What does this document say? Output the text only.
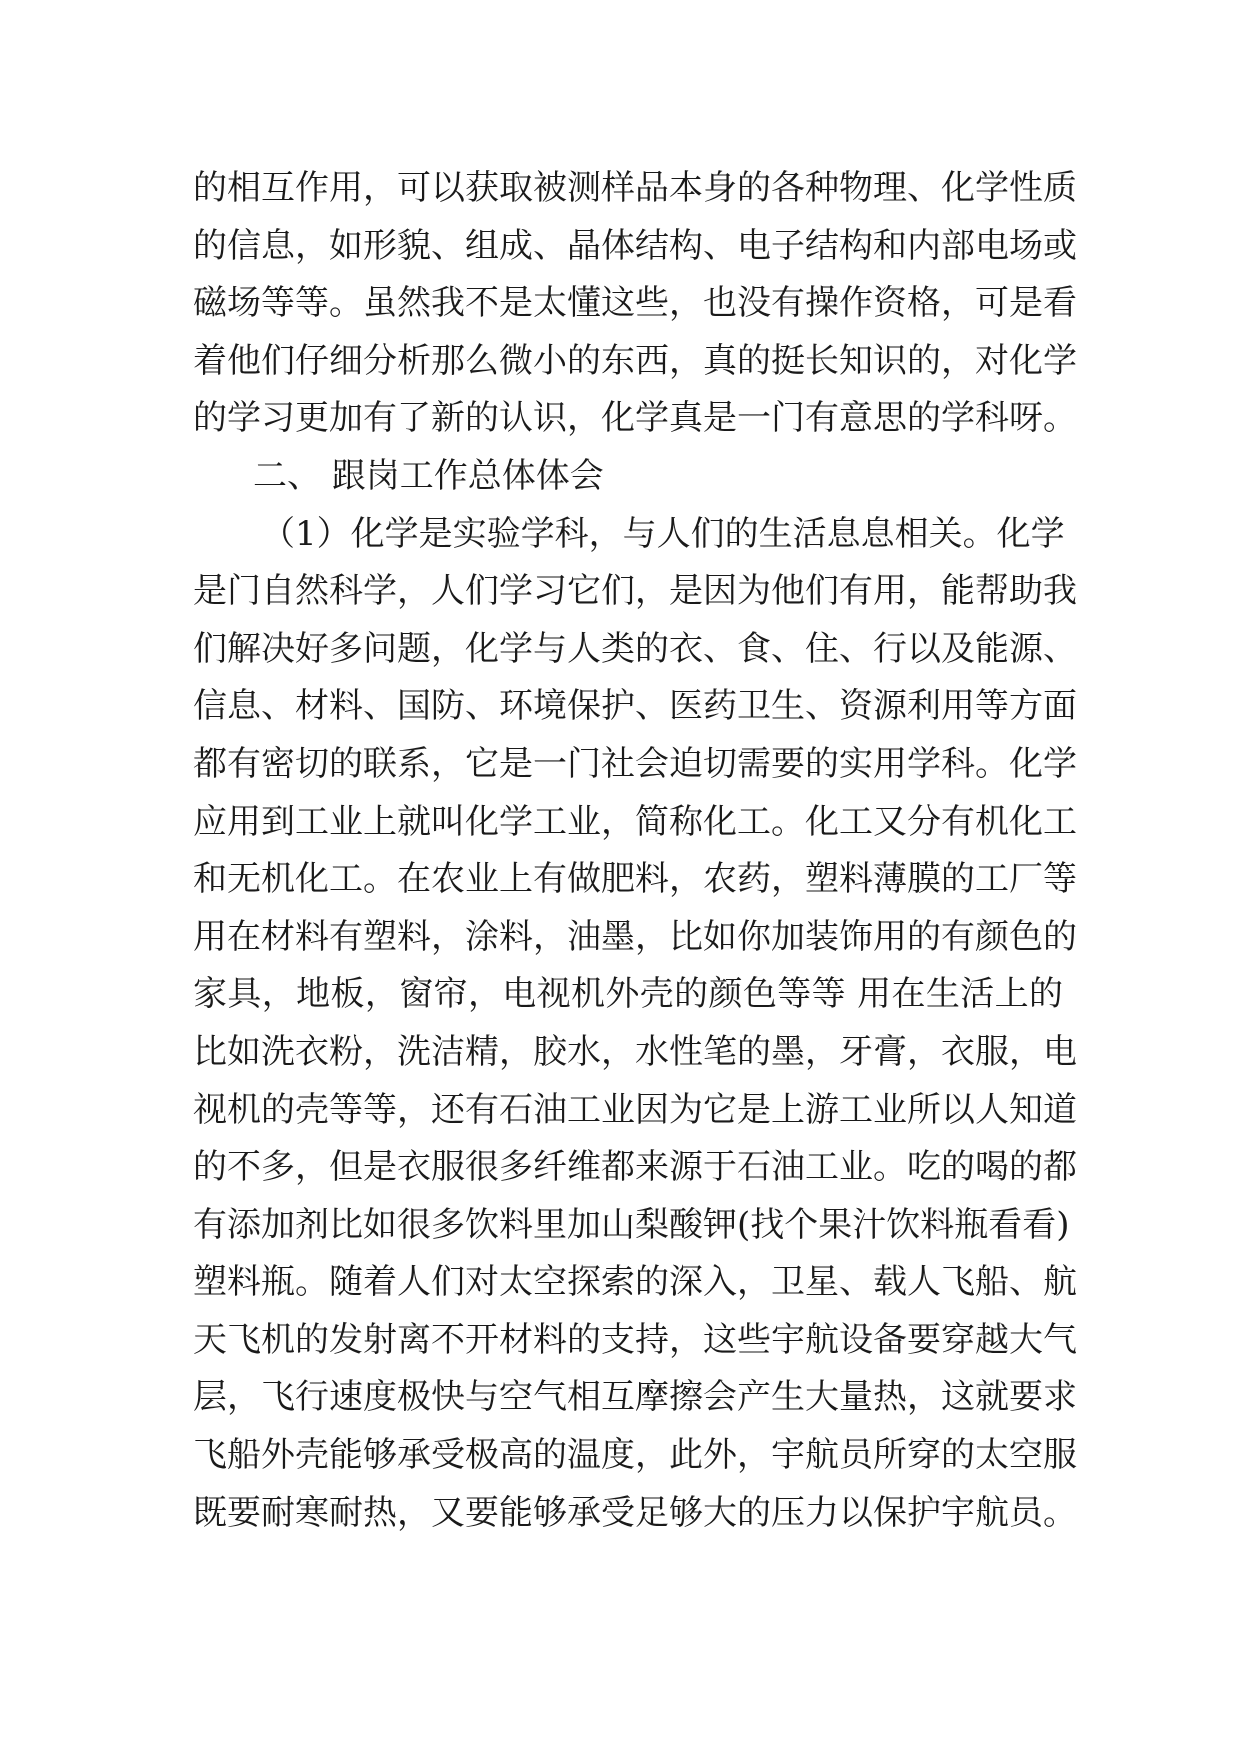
的相互作用，可以获取被测样品本身的各种物理、化学性质
的信息，如形貌、组成、晶体结构、电子结构和内部电场或
磁场等等。虽然我不是太懂这些，也没有操作资格，可是看
着他们仔细分析那么微小的东西，真的挺长知识的，对化学
的学习更加有了新的认识，化学真是一门有意思的学科呀。
二、 跟岗工作总体体会
（1）化学是实验学科，与人们的生活息息相关。化学
是门自然科学，人们学习它们，是因为他们有用，能帮助我
们解决好多问题，化学与人类的衣、食、住、行以及能源、
信息、材料、国防、环境保护、医药卫生、资源利用等方面
都有密切的联系，它是一门社会迫切需要的实用学科。化学
应用到工业上就叫化学工业，简称化工。化工又分有机化工
和无机化工。在农业上有做肥料，农药，塑料薄膜的工厂等
用在材料有塑料，涂料，油墨，比如你加装饰用的有颜色的
家具，地板，窗帘，电视机外壳的颜色等等 用在生活上的
比如洗衣粉，洗洁精，胶水，水性笔的墨，牙膏，衣服，电
视机的壳等等，还有石油工业因为它是上游工业所以人知道
的不多，但是衣服很多纤维都来源于石油工业。吃的喝的都
有添加剂比如很多饮料里加山梨酸钾(找个果汁饮料瓶看看)
塑料瓶。随着人们对太空探索的深入，卫星、载人飞船、航
天飞机的发射离不开材料的支持，这些宇航设备要穿越大气
层，飞行速度极快与空气相互摩擦会产生大量热，这就要求
飞船外壳能够承受极高的温度，此外，宇航员所穿的太空服
既要耐寒耐热，又要能够承受足够大的压力以保护宇航员。
